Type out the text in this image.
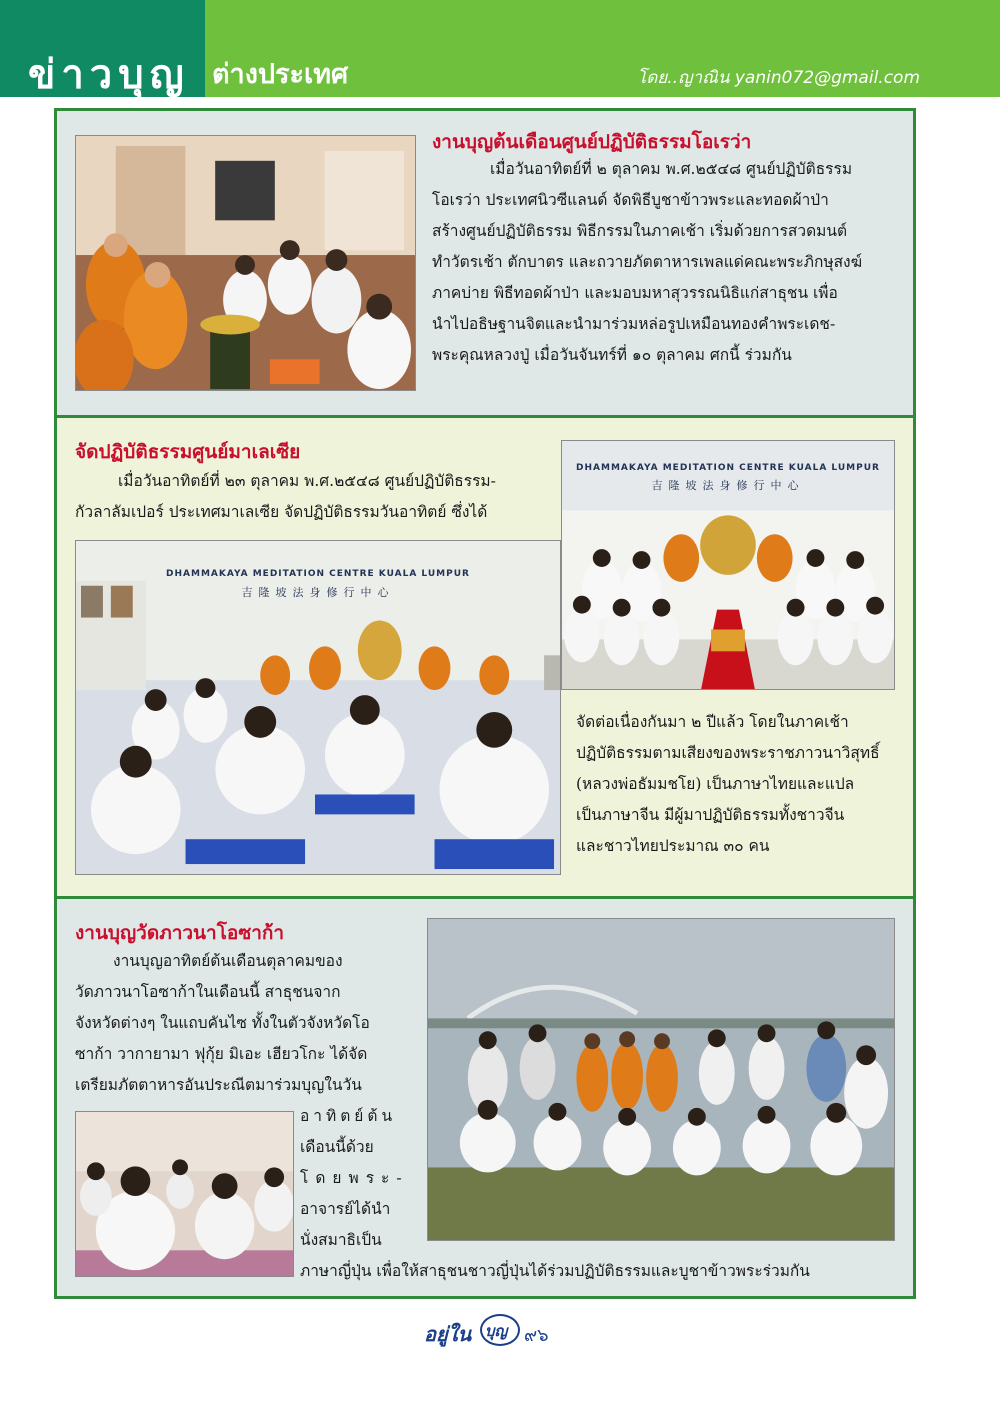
ข่าวบุญ ต่างประเทศ	โดย..ญาณิน yanin072@gmail.com
งานบุญต้นเดือนศูนย์ปฏิบัติธรรมโอเรว่า
เมื่อวันอาทิตย์ที่ ๒ ตุลาคม พ.ศ.๒๕๔๘ ศูนย์ปฏิบัติธรรม
โอเรว่า ประเทศนิวซีแลนด์ จัดพิธีบูชาข้าวพระและทอดผ้าป่า
สร้างศูนย์ปฏิบัติธรรม พิธีกรรมในภาคเช้า เริ่มด้วยการสวดมนต์
ทำวัตรเช้า ตักบาตร และถวายภัตตาหารเพลแด่คณะพระภิกษุสงฆ์
ภาคบ่าย พิธีทอดผ้าป่า และมอบมหาสุวรรณนิธิแก่สาธุชน เพื่อ
นำไปอธิษฐานจิตและนำมาร่วมหล่อรูปเหมือนทองคำพระเดช-
พระคุณหลวงปู่ เมื่อวันจันทร์ที่ ๑๐ ตุลาคม ศกนี้ ร่วมกัน
จัดปฏิบัติธรรมศูนย์มาเลเซีย
เมื่อวันอาทิตย์ที่ ๒๓ ตุลาคม พ.ศ.๒๕๔๘ ศูนย์ปฏิบัติธรรม-
กัวลาลัมเปอร์ ประเทศมาเลเซีย จัดปฏิบัติธรรมวันอาทิตย์ ซึ่งได้
DHAMMAKAYA MEDITATION CENTRE KUALA LUMPUR
吉隆坡法身修行中心
DHAMMAKAYA MEDITATION CENTRE KUALA LUMPUR
吉隆坡法身修行中心
จัดต่อเนื่องกันมา ๒ ปีแล้ว โดยในภาคเช้า
ปฏิบัติธรรมตามเสียงของพระราชภาวนาวิสุทธิ์
(หลวงพ่อธัมมชโย) เป็นภาษาไทยและแปล
เป็นภาษาจีน มีผู้มาปฏิบัติธรรมทั้งชาวจีน
และชาวไทยประมาณ ๓๐ คน
งานบุญวัดภาวนาโอซาก้า
งานบุญอาทิตย์ต้นเดือนตุลาคมของ
วัดภาวนาโอซาก้าในเดือนนี้ สาธุชนจาก
จังหวัดต่างๆ ในแถบคันไซ ทั้งในตัวจังหวัดโอ
ซาก้า วากายามา ฟุกุ้ย มิเอะ เฮียวโกะ ได้จัด
เตรียมภัตตาหารอันประณีตมาร่วมบุญในวัน
อาทิตย์ต้น
เดือนนี้ด้วย
โดยพระ-
อาจารย์ได้นำ
นั่งสมาธิเป็น
ภาษาญี่ปุ่น เพื่อให้สาธุชนชาวญี่ปุ่นได้ร่วมปฏิบัติธรรมและบูชาข้าวพระร่วมกัน
อยู่ใน บุญ ๙๖
